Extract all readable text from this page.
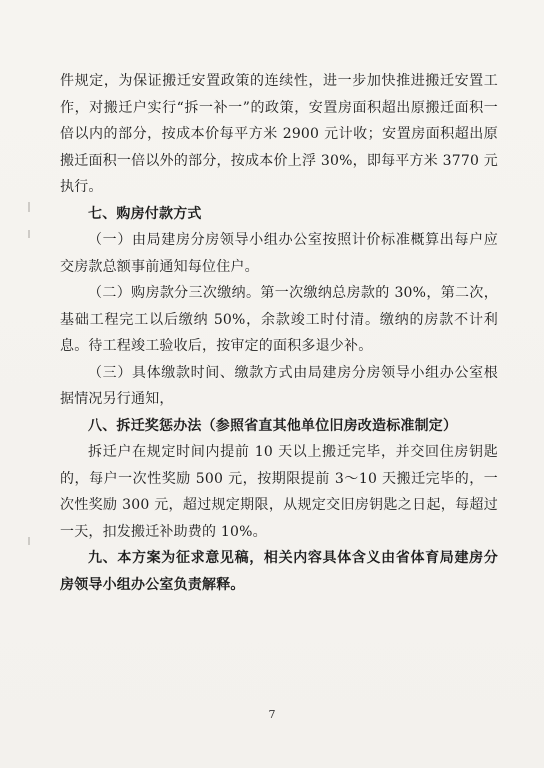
件规定，为保证搬迁安置政策的连续性，进一步加快推进搬迁安置工作，对搬迁户实行“拆一补一”的政策，安置房面积超出原搬迁面积一倍以内的部分，按成本价每平方米 2900 元计收；安置房面积超出原搬迁面积一倍以外的部分，按成本价上浮 30%，即每平方米 3770 元执行。

七、购房付款方式

（一）由局建房分房领导小组办公室按照计价标准概算出每户应交房款总额事前通知每位住户。

（二）购房款分三次缴纳。第一次缴纳总房款的 30%，第二次，基础工程完工以后缴纳 50%，余款竣工时付清。缴纳的房款不计利息。待工程竣工验收后，按审定的面积多退少补。

（三）具体缴款时间、缴款方式由局建房分房领导小组办公室根据情况另行通知，

八、拆迁奖惩办法（参照省直其他单位旧房改造标准制定）

拆迁户在规定时间内提前 10 天以上搬迁完毕，并交回住房钥匙的，每户一次性奖励 500 元，按期限提前 3～10 天搬迁完毕的，一次性奖励 300 元，超过规定期限，从规定交旧房钥匙之日起，每超过一天，扣发搬迁补助费的 10%。

九、本方案为征求意见稿，相关内容具体含义由省体育局建房分房领导小组办公室负责解释。

7
